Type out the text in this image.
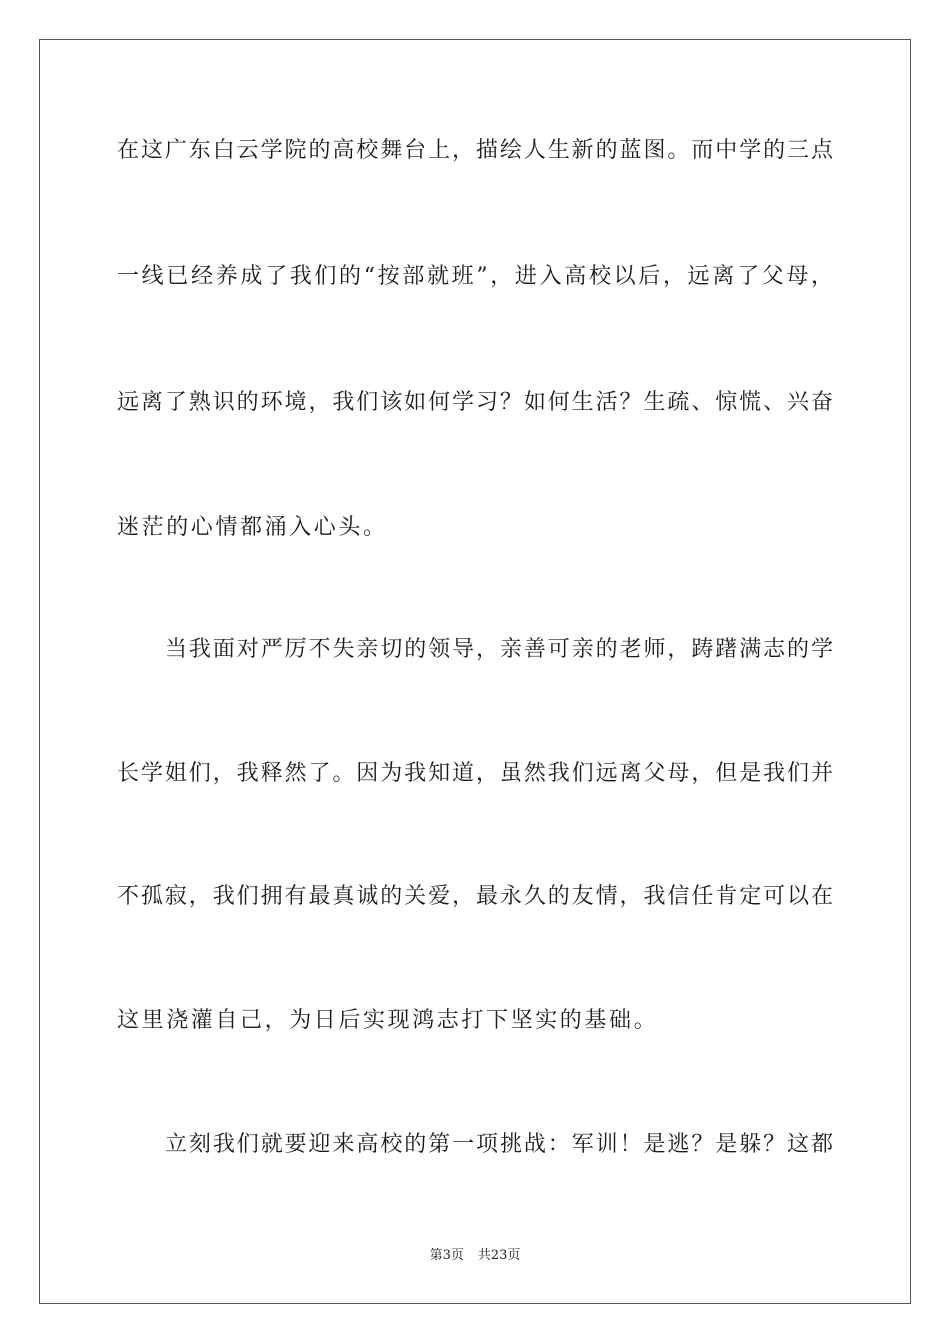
在这广东白云学院的高校舞台上，描绘人生新的蓝图。而中学的三点
一线已经养成了我们的“按部就班”，进入高校以后，远离了父母，
远离了熟识的环境，我们该如何学习？如何生活？生疏、惊慌、兴奋
迷茫的心情都涌入心头。
当我面对严厉不失亲切的领导，亲善可亲的老师，踌躇满志的学
长学姐们，我释然了。因为我知道，虽然我们远离父母，但是我们并
不孤寂，我们拥有最真诚的关爱，最永久的友情，我信任肯定可以在
这里浇灌自己，为日后实现鸿志打下坚实的基础。
立刻我们就要迎来高校的第一项挑战：军训！是逃？是躲？这都
第3页 共23页
